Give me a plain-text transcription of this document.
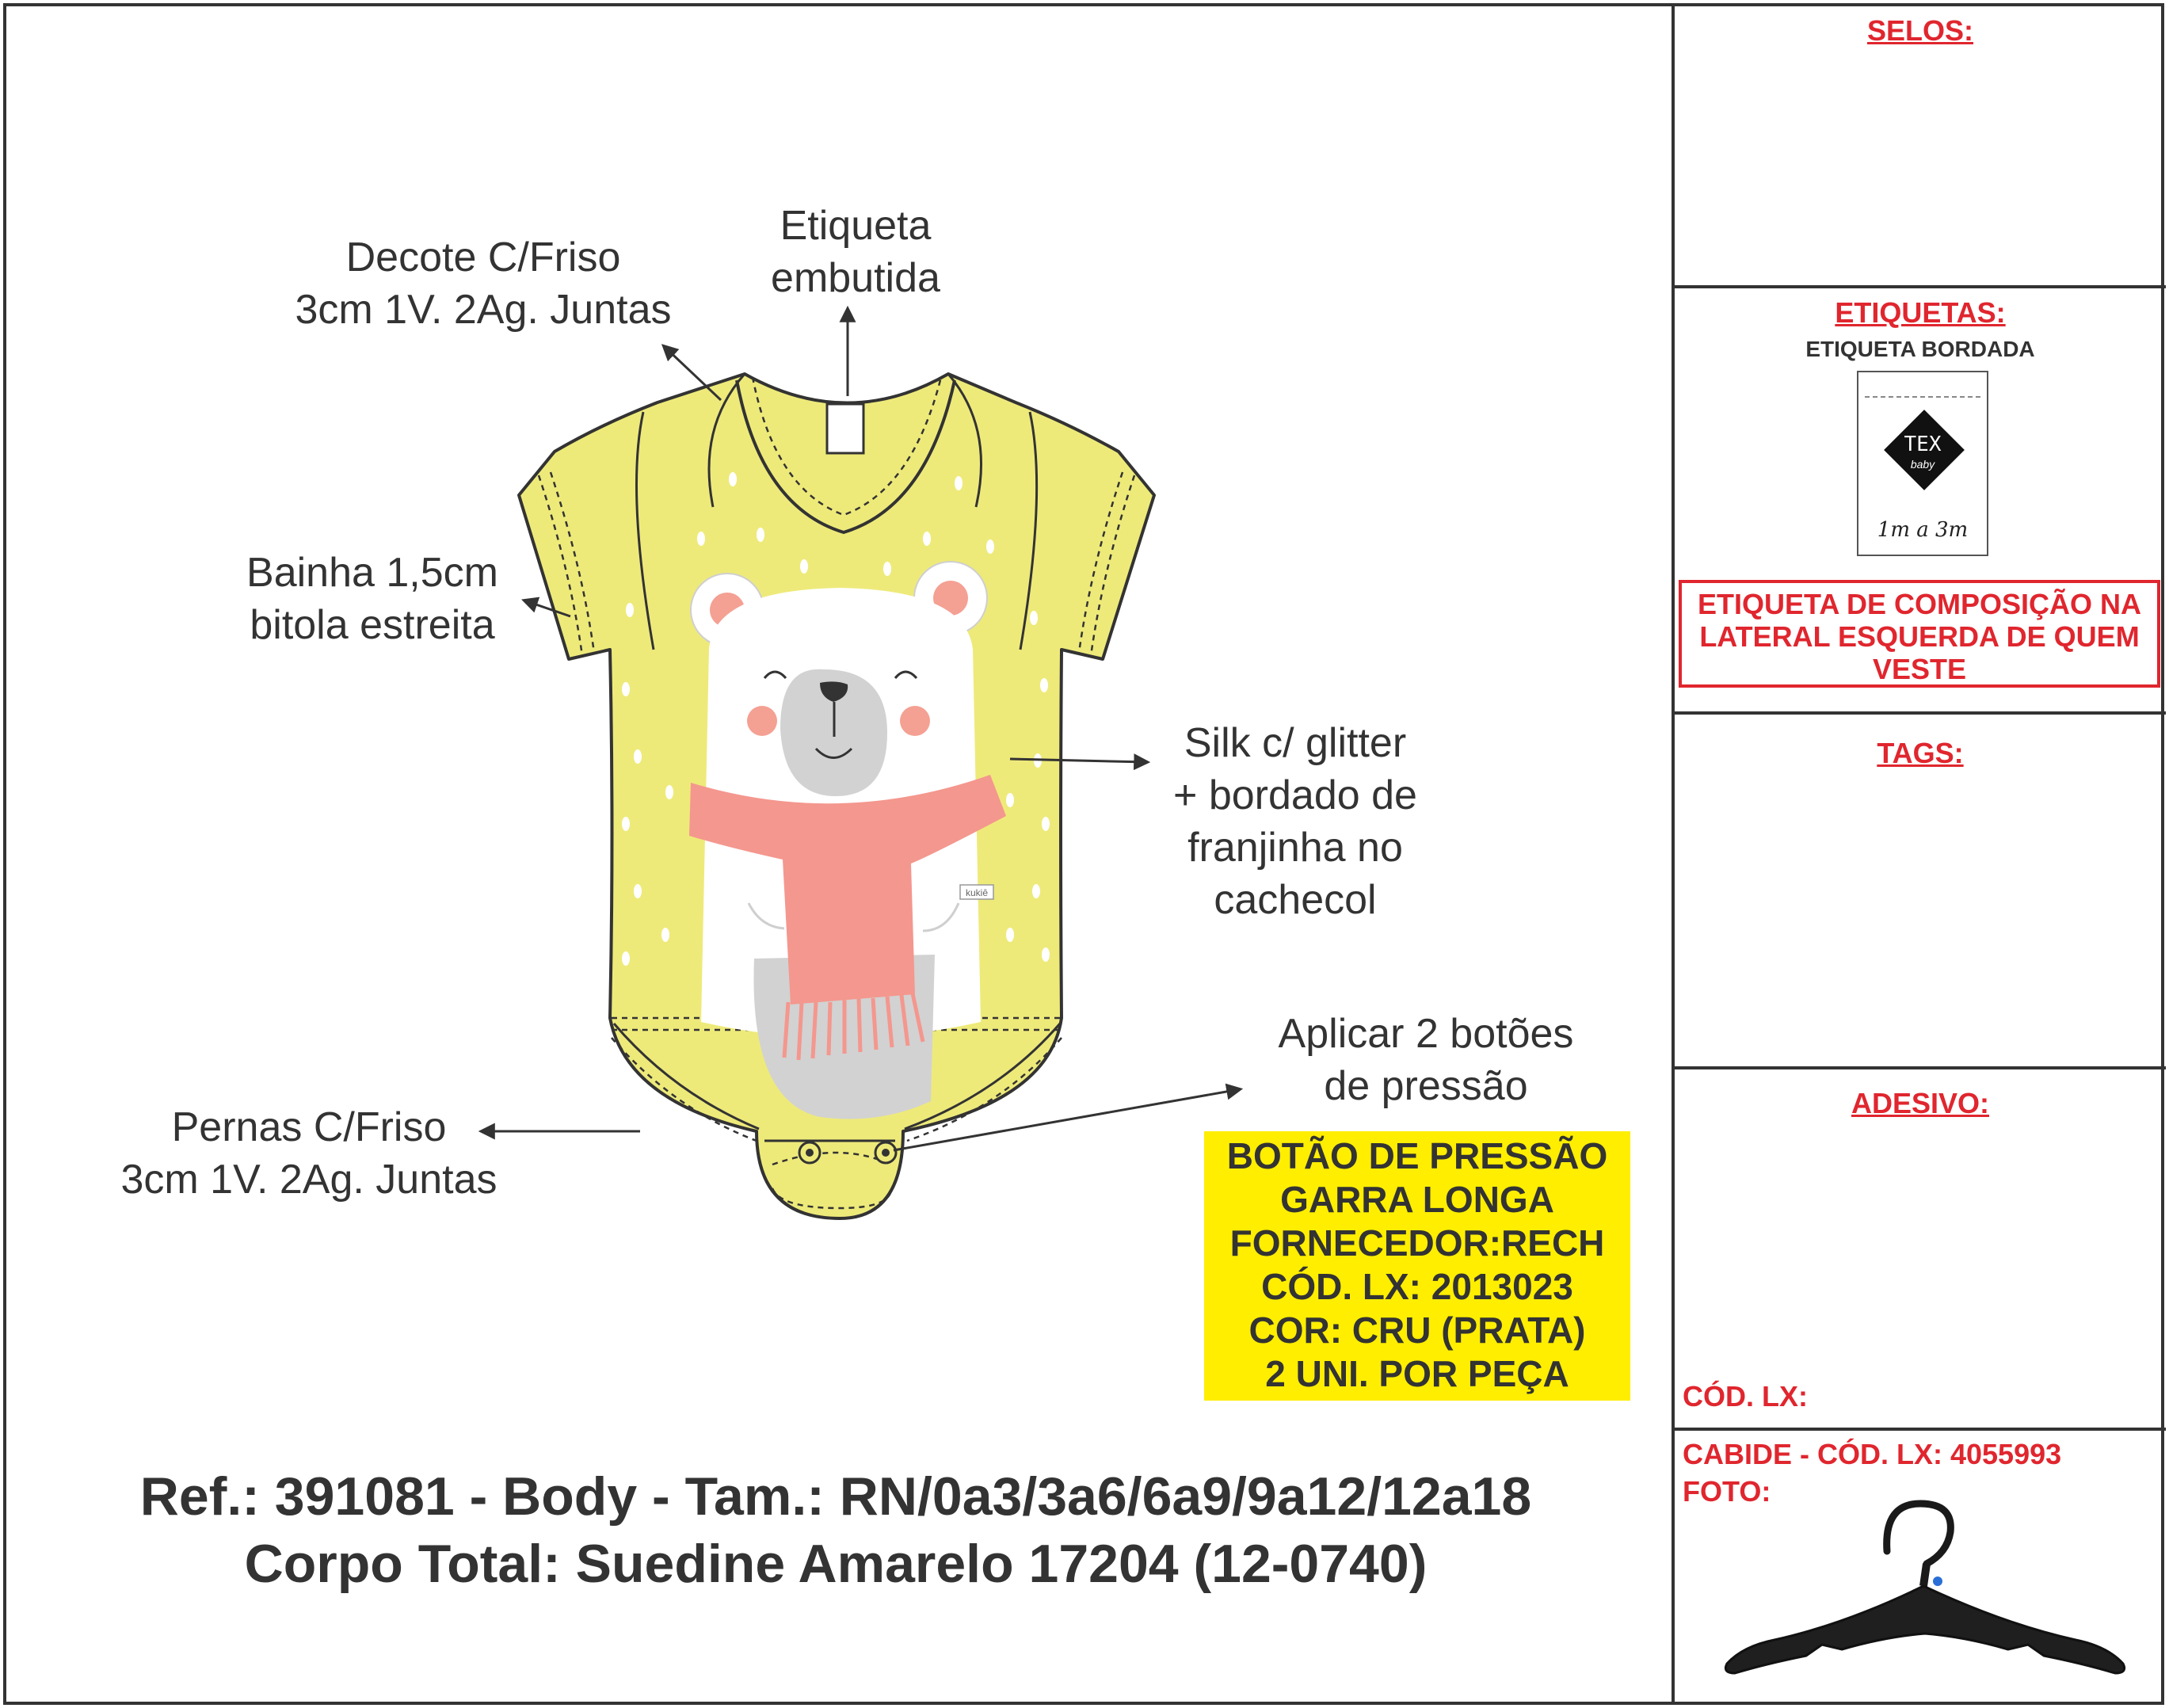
kukiê
Decote C/Friso
3cm 1V. 2Ag. Juntas
Etiqueta
embutida
Bainha 1,5cm
bitola estreita
Silk c/ glitter
+ bordado de
franjinha no
cachecol
Aplicar 2 botões
de pressão
Pernas C/Friso
3cm 1V. 2Ag. Juntas
BOTÃO DE PRESSÃO
GARRA LONGA
FORNECEDOR:RECH
CÓD. LX: 2013023
COR: CRU (PRATA)
2 UNI. POR PEÇA
Ref.: 391081 - Body - Tam.: RN/0a3/3a6/6a9/9a12/12a18
Corpo Total: Suedine Amarelo 17204 (12-0740)
SELOS:
ETIQUETAS:
ETIQUETA BORDADA
TEX
baby
1m a 3m
ETIQUETA DE COMPOSIÇÃO NA
LATERAL ESQUERDA DE QUEM
VESTE
TAGS:
ADESIVO:
CÓD. LX:
CABIDE - CÓD. LX: 4055993
FOTO:
